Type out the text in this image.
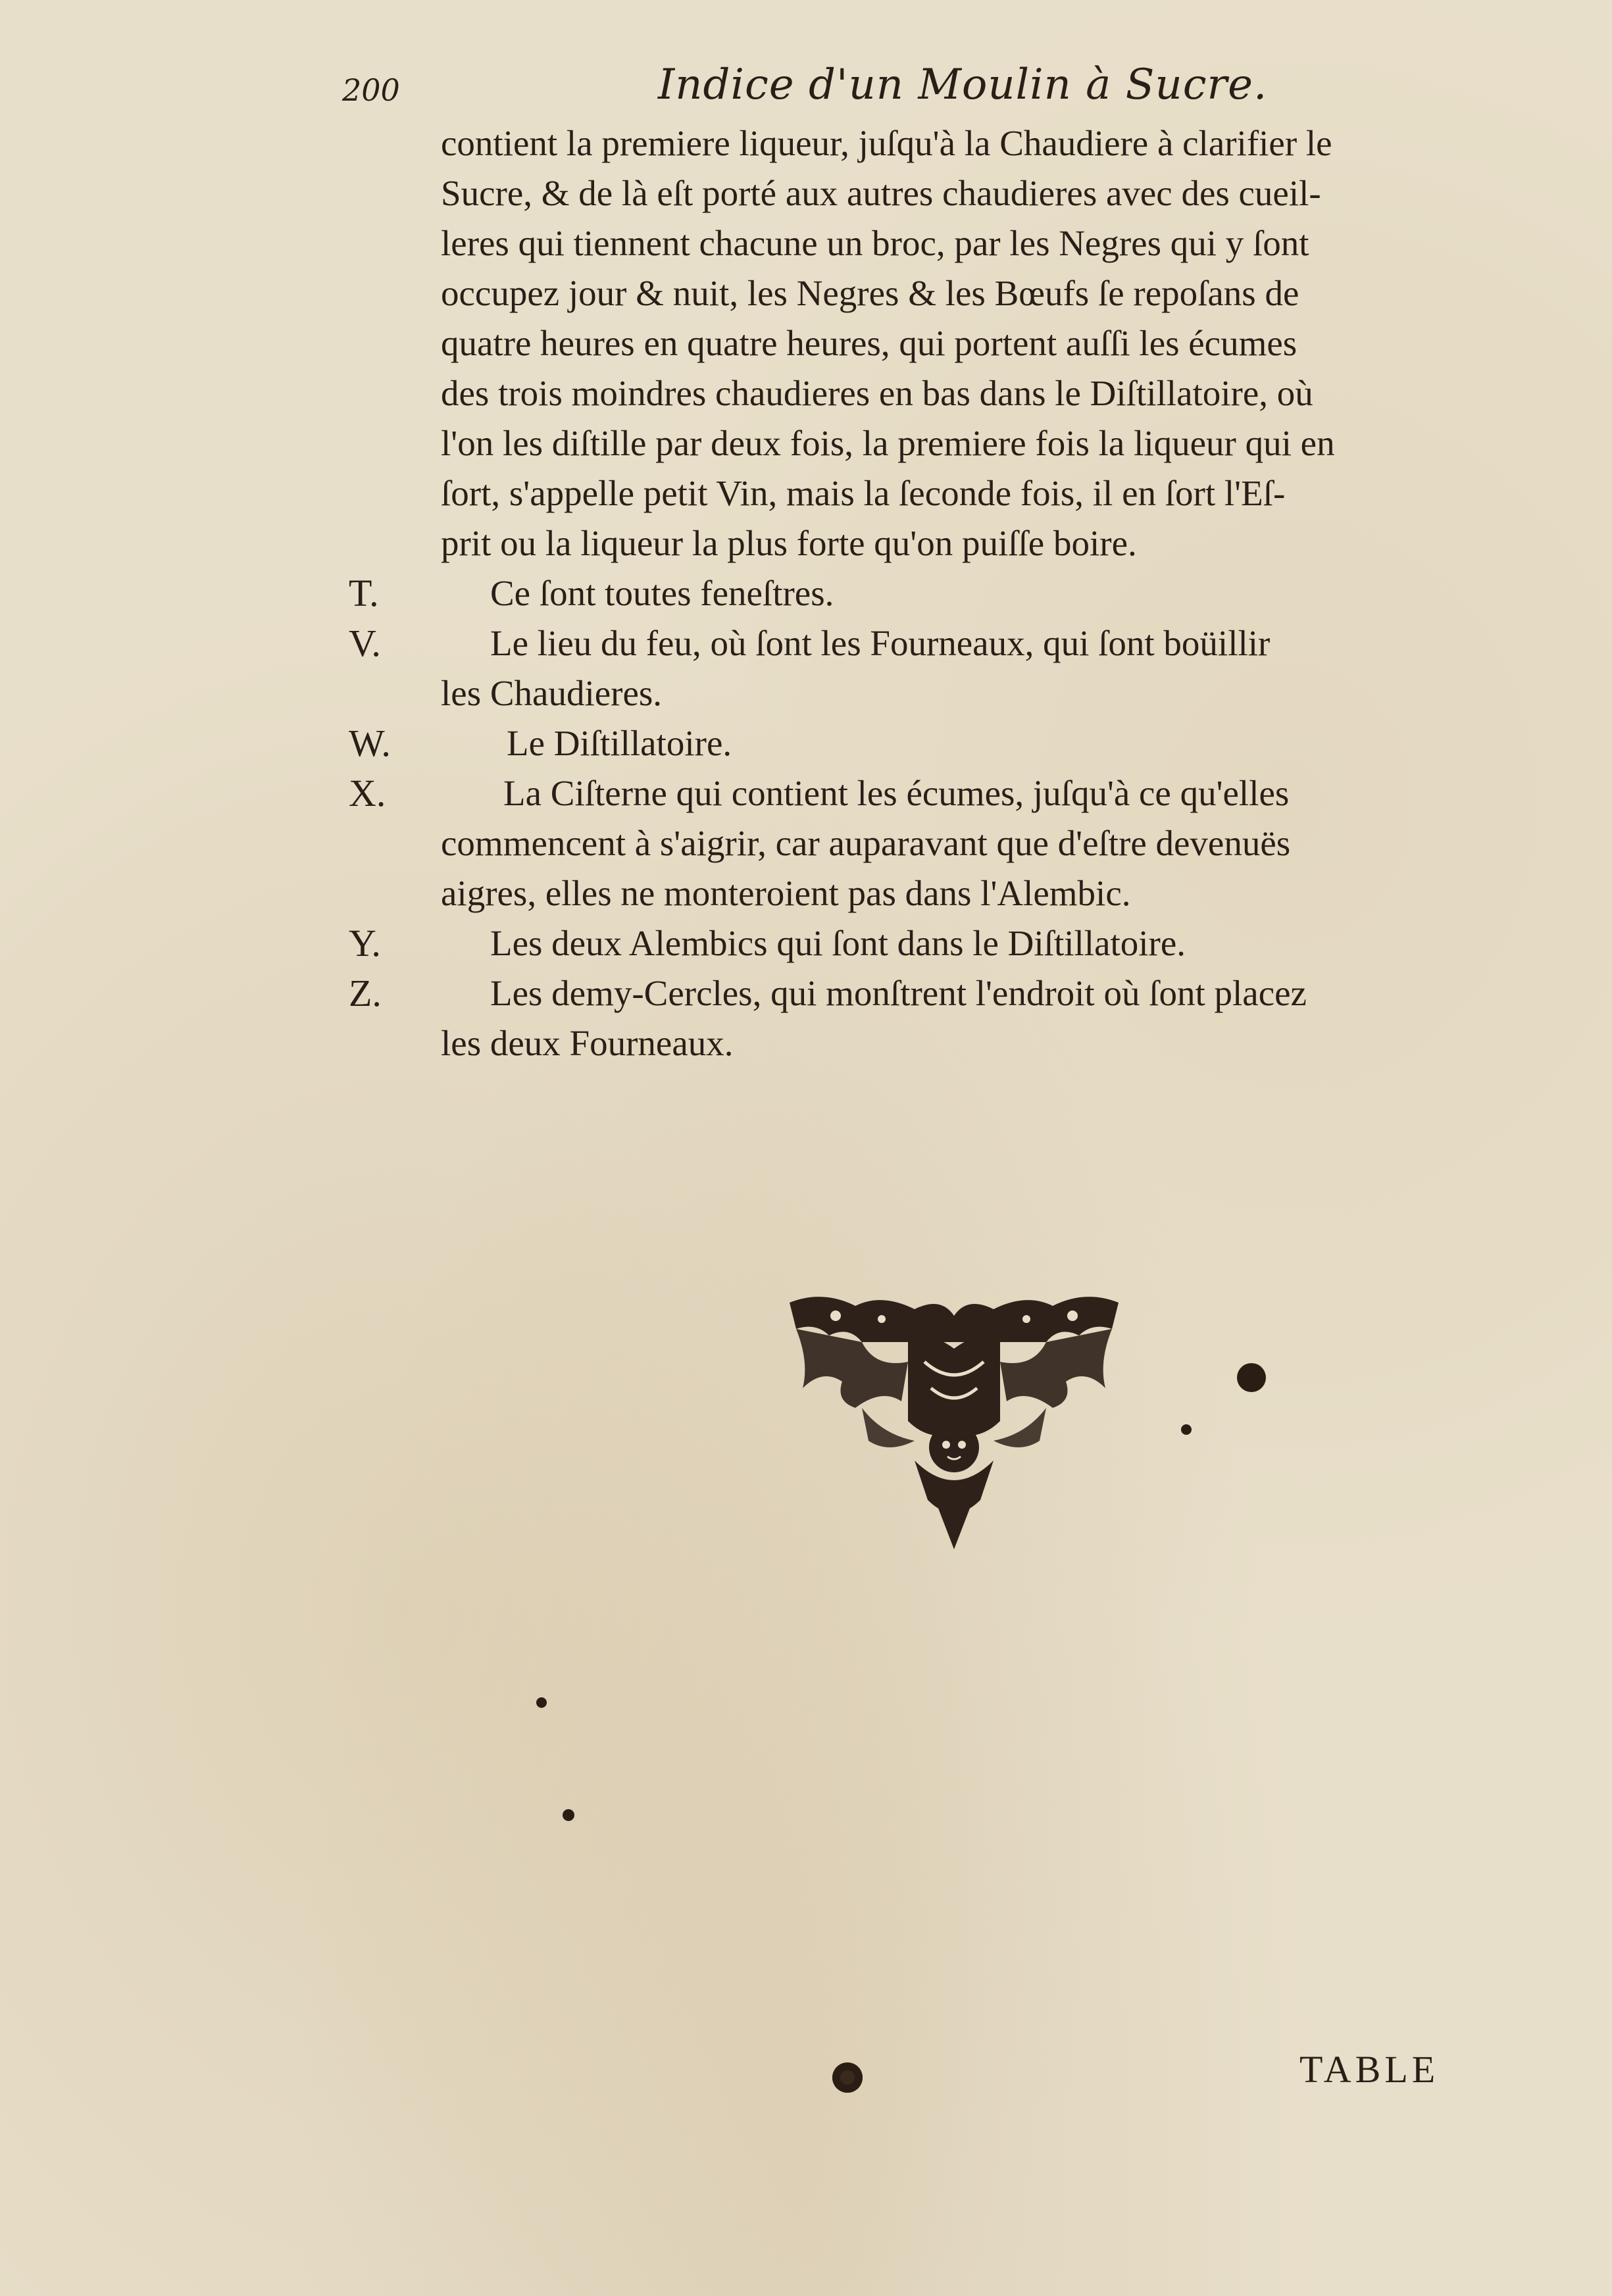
200	Indice d'un Moulin à Sucre.
contient la premiere liqueur, juſqu'à la Chaudiere à clarifier le
Sucre, & de là eſt porté aux autres chaudieres avec des cueil-
leres qui tiennent chacune un broc, par les Negres qui y ſont
occupez jour & nuit, les Negres & les Bœufs ſe repoſans de
quatre heures en quatre heures, qui portent auſſi les écumes
des trois moindres chaudieres en bas dans le Diſtillatoire, où
l'on les diſtille par deux fois, la premiere fois la liqueur qui en
ſort, s'appelle petit Vin, mais la ſeconde fois, il en ſort l'Eſ-
prit ou la liqueur la plus forte qu'on puiſſe boire.
T.	Ce ſont toutes feneſtres.
V.	Le lieu du feu, où ſont les Fourneaux, qui ſont boüillir
les Chaudieres.
W.	Le Diſtillatoire.
X.	La Ciſterne qui contient les écumes, juſqu'à ce qu'elles
commencent à s'aigrir, car auparavant que d'eſtre devenuës
aigres, elles ne monteroient pas dans l'Alembic.
Y.	Les deux Alembics qui ſont dans le Diſtillatoire.
Z.	Les demy-Cercles, qui monſtrent l'endroit où ſont placez
les deux Fourneaux.
TABLE
